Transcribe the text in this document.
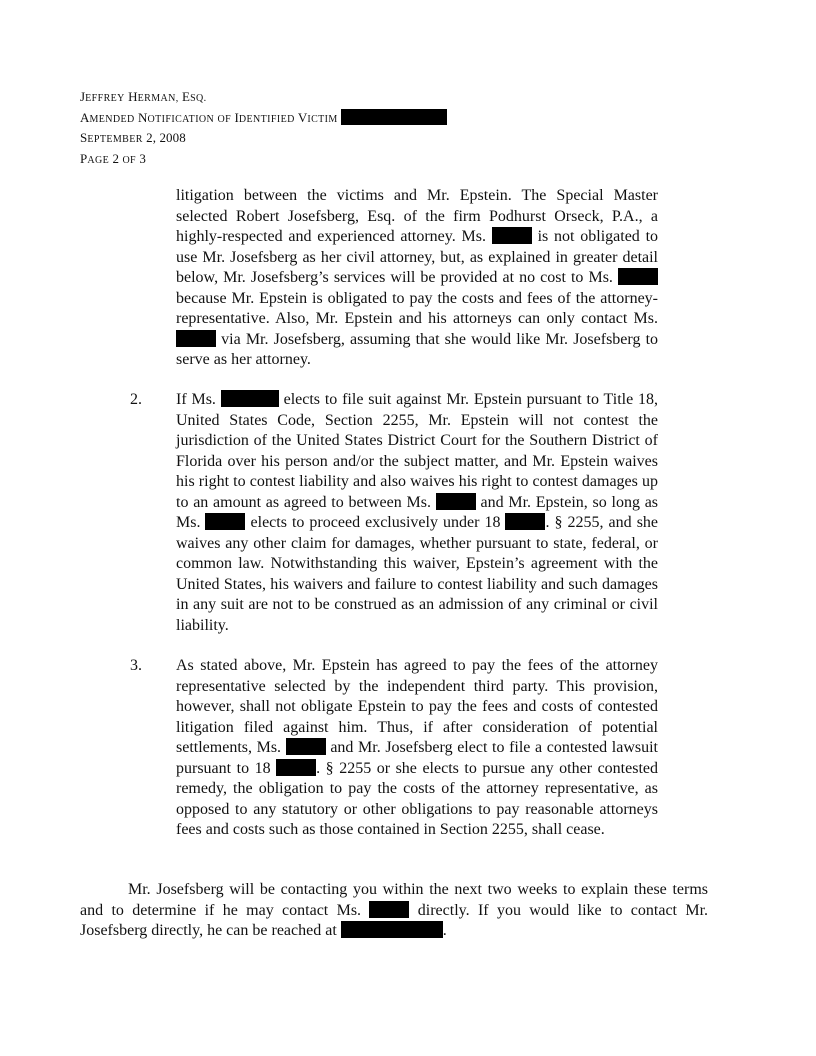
JEFFREY HERMAN, ESQ.
AMENDED NOTIFICATION OF IDENTIFIED VICTIM
SEPTEMBER 2, 2008
PAGE 2 OF 3
litigation between the victims and Mr. Epstein. The Special Master selected Robert Josefsberg, Esq. of the firm Podhurst Orseck, P.A., a highly-respected and experienced attorney. Ms.	is not obligated to use Mr. Josefsberg as her civil attorney, but, as explained in greater detail below, Mr. Josefsberg’s services will be provided at no cost to Ms.  because Mr. Epstein is obligated to pay the costs and fees of the attorney-representative. Also, Mr. Epstein and his attorneys can only contact Ms.  via Mr. Josefsberg, assuming that she would like Mr. Josefsberg to serve as her attorney.
2. If Ms.	elects to file suit against Mr. Epstein pursuant to Title 18, United States Code, Section 2255, Mr. Epstein will not contest the jurisdiction of the United States District Court for the Southern District of Florida over his person and/or the subject matter, and Mr. Epstein waives his right to contest liability and also waives his right to contest damages up to an amount as agreed to between Ms.	and Mr. Epstein, so long as Ms.	elects to proceed exclusively under 18	. § 2255, and she waives any other claim for damages, whether pursuant to state, federal, or common law. Notwithstanding this waiver, Epstein’s agreement with the United States, his waivers and failure to contest liability and such damages in any suit are not to be construed as an admission of any criminal or civil liability.
3. As stated above, Mr. Epstein has agreed to pay the fees of the attorney representative selected by the independent third party. This provision, however, shall not obligate Epstein to pay the fees and costs of contested litigation filed against him. Thus, if after consideration of potential settlements, Ms.	and Mr. Josefsberg elect to file a contested lawsuit pursuant to 18	. § 2255 or she elects to pursue any other contested remedy, the obligation to pay the costs of the attorney representative, as opposed to any statutory or other obligations to pay reasonable attorneys fees and costs such as those contained in Section 2255, shall cease.
Mr. Josefsberg will be contacting you within the next two weeks to explain these terms and to determine if he may contact Ms.	directly. If you would like to contact Mr. Josefsberg directly, he can be reached at	.
